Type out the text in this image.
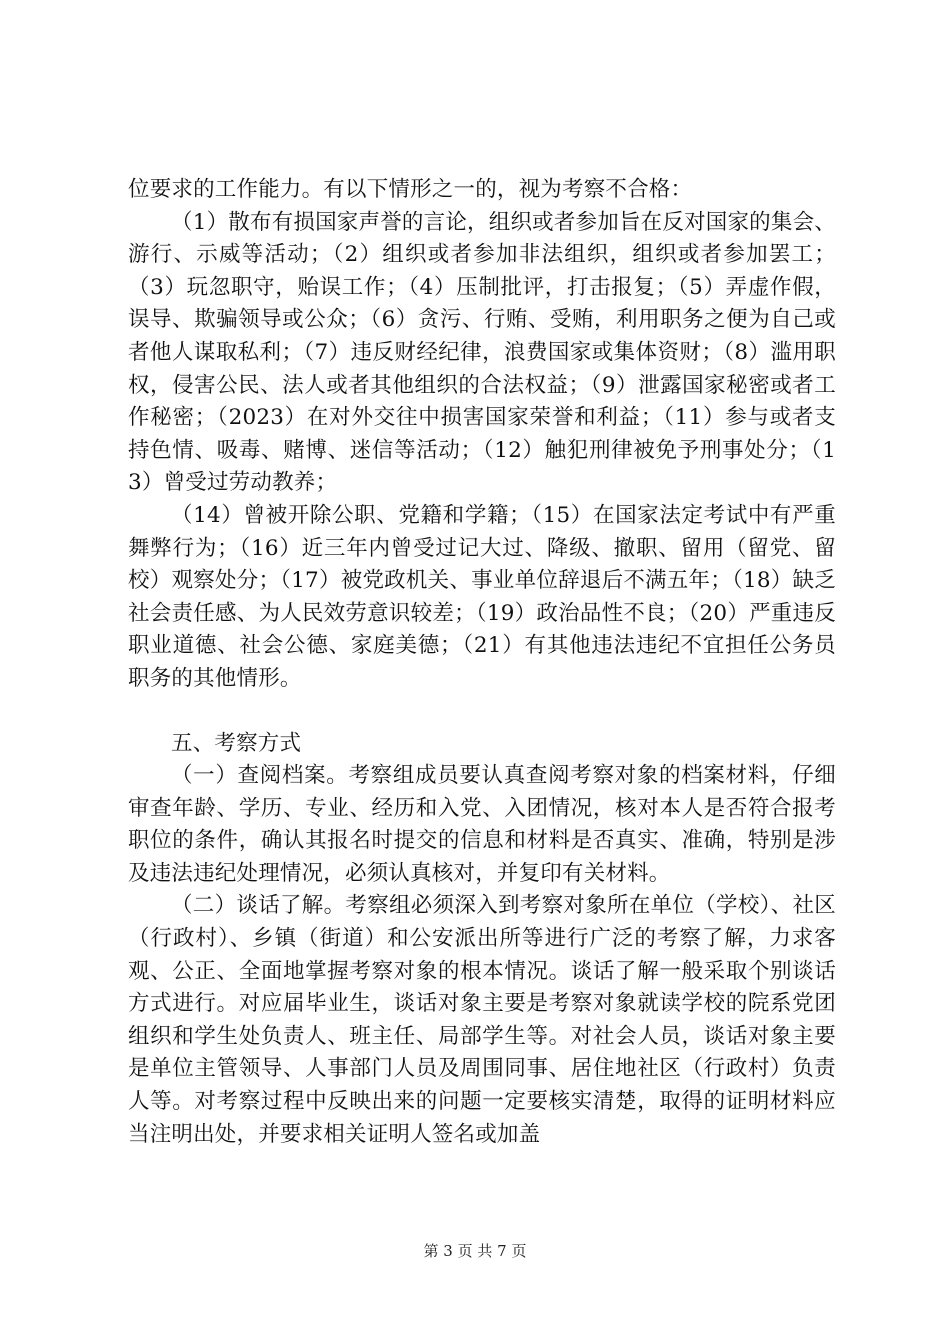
位要求的工作能力。有以下情形之一的，视为考察不合格：

（1）散布有损国家声誉的言论，组织或者参加旨在反对国家的集会、游行、示威等活动；（2）组织或者参加非法组织，组织或者参加罢工；（3）玩忽职守，贻误工作；（4）压制批评，打击报复；（5）弄虚作假，误导、欺骗领导或公众；（6）贪污、行贿、受贿，利用职务之便为自己或者他人谋取私利；（7）违反财经纪律，浪费国家或集体资财；（8）滥用职权，侵害公民、法人或者其他组织的合法权益；（9）泄露国家秘密或者工作秘密；（2023）在对外交往中损害国家荣誉和利益；（11）参与或者支持色情、吸毒、赌博、迷信等活动；（12）触犯刑律被免予刑事处分；（13）曾受过劳动教养；

（14）曾被开除公职、党籍和学籍；（15）在国家法定考试中有严重舞弊行为；（16）近三年内曾受过记大过、降级、撤职、留用（留党、留校）观察处分；（17）被党政机关、事业单位辞退后不满五年；（18）缺乏社会责任感、为人民效劳意识较差；（19）政治品性不良；（20）严重违反职业道德、社会公德、家庭美德；（21）有其他违法违纪不宜担任公务员职务的其他情形。

五、考察方式

（一）查阅档案。考察组成员要认真查阅考察对象的档案材料，仔细审查年龄、学历、专业、经历和入党、入团情况，核对本人是否符合报考职位的条件，确认其报名时提交的信息和材料是否真实、准确，特别是涉及违法违纪处理情况，必须认真核对，并复印有关材料。

（二）谈话了解。考察组必须深入到考察对象所在单位（学校）、社区（行政村）、乡镇（街道）和公安派出所等进行广泛的考察了解，力求客观、公正、全面地掌握考察对象的根本情况。谈话了解一般采取个别谈话方式进行。对应届毕业生，谈话对象主要是考察对象就读学校的院系党团组织和学生处负责人、班主任、局部学生等。对社会人员，谈话对象主要是单位主管领导、人事部门人员及周围同事、居住地社区（行政村）负责人等。对考察过程中反映出来的问题一定要核实清楚，取得的证明材料应当注明出处，并要求相关证明人签名或加盖

第 3 页 共 7 页
